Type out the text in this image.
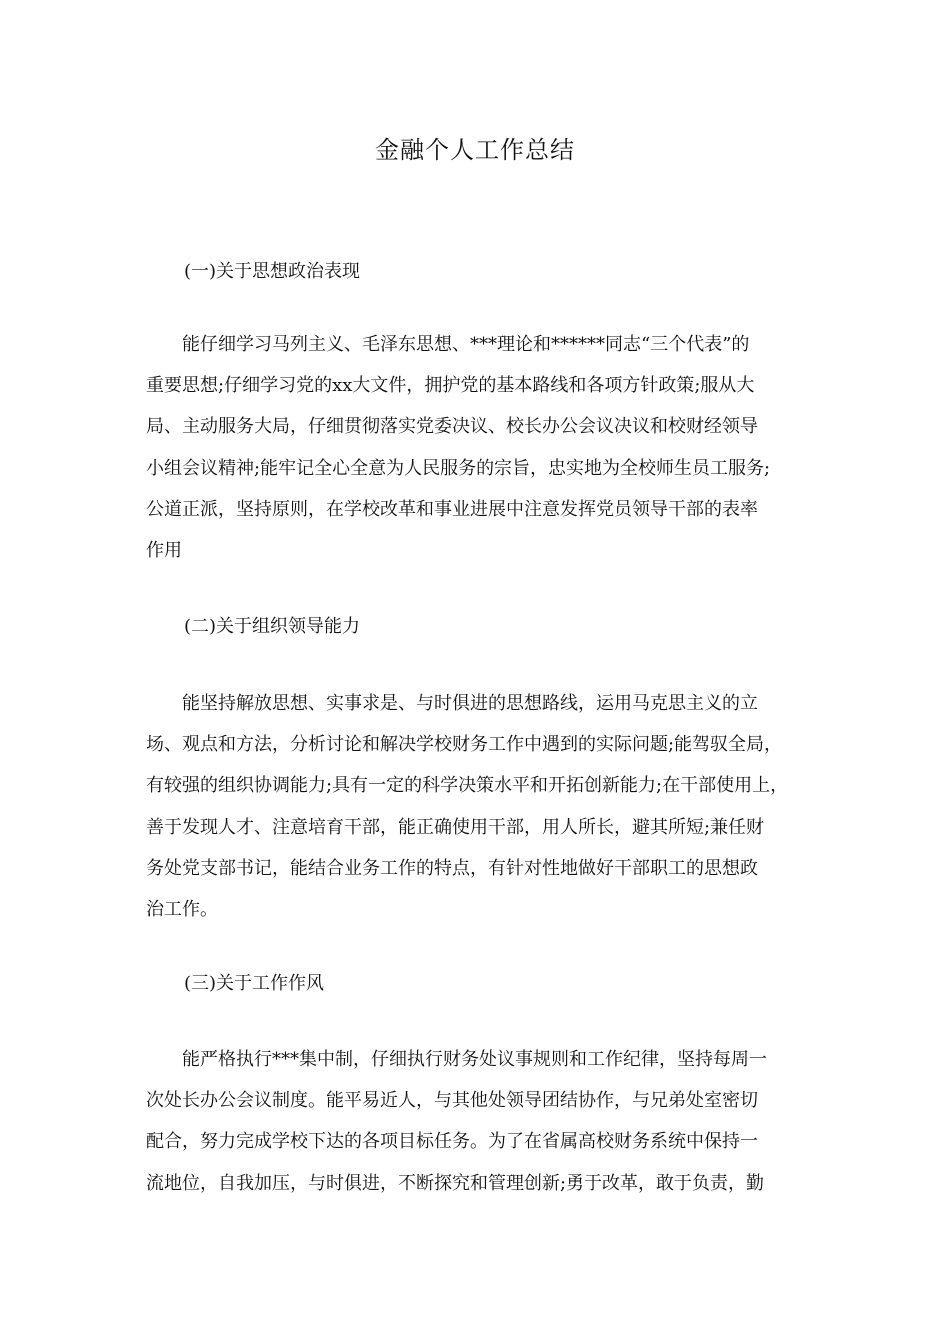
金融个人工作总结
(一)关于思想政治表现
　　能仔细学习马列主义、毛泽东思想、***理论和******同志“三个代表”的
重要思想;仔细学习党的xx大文件，拥护党的基本路线和各项方针政策;服从大
局、主动服务大局，仔细贯彻落实党委决议、校长办公会议决议和校财经领导
小组会议精神;能牢记全心全意为人民服务的宗旨，忠实地为全校师生员工服务;
公道正派，坚持原则，在学校改革和事业进展中注意发挥党员领导干部的表率
作用
(二)关于组织领导能力
　　能坚持解放思想、实事求是、与时俱进的思想路线，运用马克思主义的立
场、观点和方法，分析讨论和解决学校财务工作中遇到的实际问题;能驾驭全局，
有较强的组织协调能力;具有一定的科学决策水平和开拓创新能力;在干部使用上，
善于发现人才、注意培育干部，能正确使用干部，用人所长，避其所短;兼任财
务处党支部书记，能结合业务工作的特点，有针对性地做好干部职工的思想政
治工作。
(三)关于工作作风
　　能严格执行***集中制，仔细执行财务处议事规则和工作纪律，坚持每周一
次处长办公会议制度。能平易近人，与其他处领导团结协作，与兄弟处室密切
配合，努力完成学校下达的各项目标任务。为了在省属高校财务系统中保持一
流地位，自我加压，与时俱进，不断探究和管理创新;勇于改革，敢于负责，勤
